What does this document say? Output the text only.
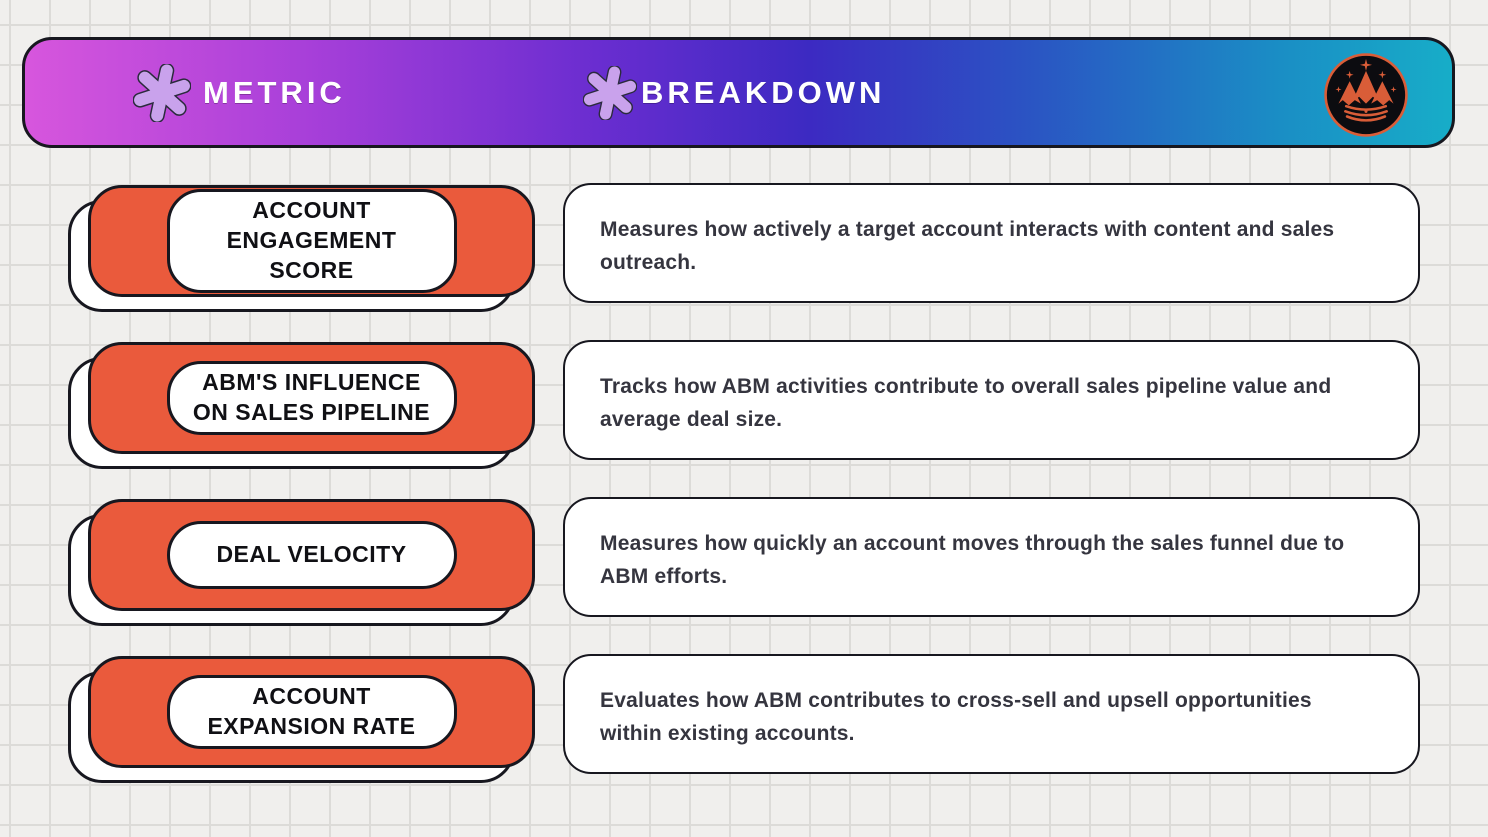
METRIC	BREAKDOWN
ACCOUNT ENGAGEMENT SCORE

Measures how actively a target account interacts with content and sales outreach.

ABM'S INFLUENCE ON SALES PIPELINE

Tracks how ABM activities contribute to overall sales pipeline value and average deal size.

DEAL VELOCITY	Measures how quickly an account moves through the sales funnel due to ABM efforts.

ACCOUNT EXPANSION RATE

Evaluates how ABM contributes to cross-sell and upsell opportunities within existing accounts.
